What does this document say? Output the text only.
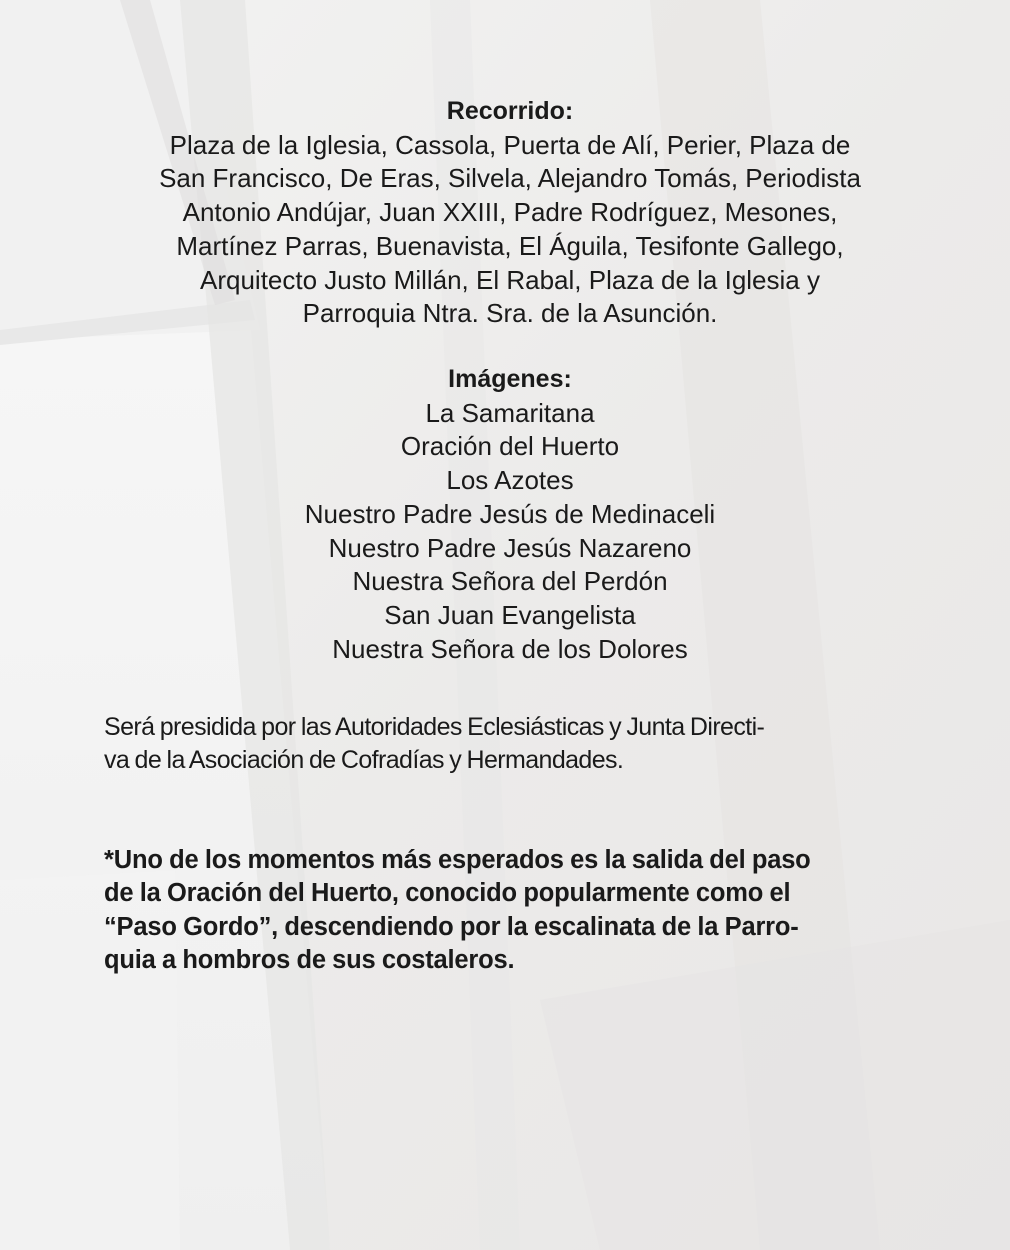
Recorrido:

Plaza de la Iglesia, Cassola, Puerta de Alí, Perier, Plaza de

San Francisco, De Eras, Silvela, Alejandro Tomás, Periodista

Antonio Andújar, Juan XXIII, Padre Rodríguez, Mesones,

Martínez Parras, Buenavista, El Águila, Tesifonte Gallego,

Arquitecto Justo Millán, El Rabal, Plaza de la Iglesia y

Parroquia Ntra. Sra. de la Asunción.

Imágenes:
La Samaritana
Oración del Huerto
Los Azotes
Nuestro Padre Jesús de Medinaceli
Nuestro Padre Jesús Nazareno
Nuestra Señora del Perdón
San Juan Evangelista
Nuestra Señora de los Dolores
Será presidida por las Autoridades Eclesiásticas y Junta Directi-
va de la Asociación de Cofradías y Hermandades.
*Uno de los momentos más esperados es la salida del paso
de la Oración del Huerto, conocido popularmente como el
“Paso Gordo”, descendiendo por la escalinata de la Parro-
quia a hombros de sus costaleros.
